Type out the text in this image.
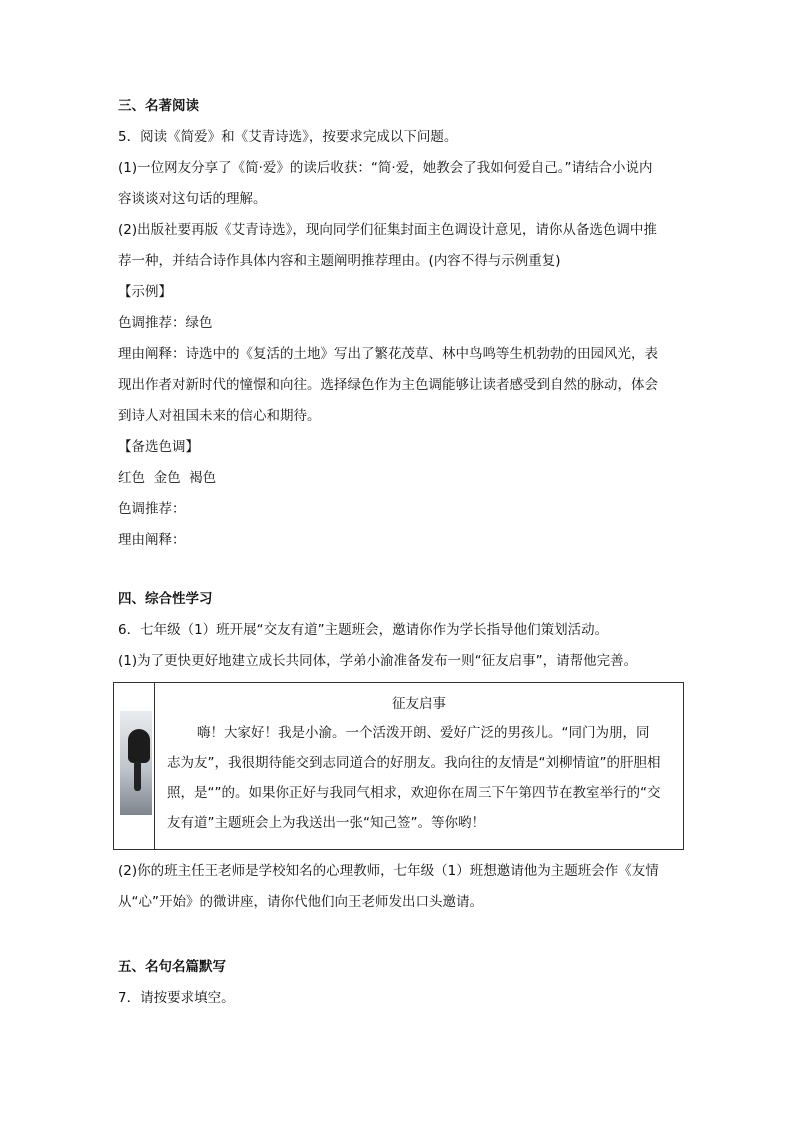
三、名著阅读
5．阅读《简爱》和《艾青诗选》，按要求完成以下问题。
(1)一位网友分享了《简·爱》的读后收获：“简·爱，她教会了我如何爱自己。”请结合小说内
容谈谈对这句话的理解。
(2)出版社要再版《艾青诗选》，现向同学们征集封面主色调设计意见，请你从备选色调中推
荐一种，并结合诗作具体内容和主题阐明推荐理由。(内容不得与示例重复)
【示例】
色调推荐：绿色
理由阐释：诗选中的《复活的土地》写出了繁花茂草、林中鸟鸣等生机勃勃的田园风光，表
现出作者对新时代的憧憬和向往。选择绿色作为主色调能够让读者感受到自然的脉动，体会
到诗人对祖国未来的信心和期待。
【备选色调】
红色  金色  褐色
色调推荐：
理由阐释：
四、综合性学习
6．七年级（1）班开展“交友有道”主题班会，邀请你作为学长指导他们策划活动。
(1)为了更快更好地建立成长共同体，学弟小渝准备发布一则“征友启事”，请帮他完善。

征友启事
嗨！大家好！我是小渝。一个活泼开朗、爱好广泛的男孩儿。“同门为朋，同
志为友”，我很期待能交到志同道合的好朋友。我向往的友情是“刘柳情谊”的肝胆相
照，是“”的。如果你正好与我同气相求，欢迎你在周三下午第四节在教室举行的“交
友有道”主题班会上为我送出一张“知己签”。等你哟！
(2)你的班主任王老师是学校知名的心理教师，七年级（1）班想邀请他为主题班会作《友情
从“心”开始》的微讲座，请你代他们向王老师发出口头邀请。
五、名句名篇默写
7．请按要求填空。
